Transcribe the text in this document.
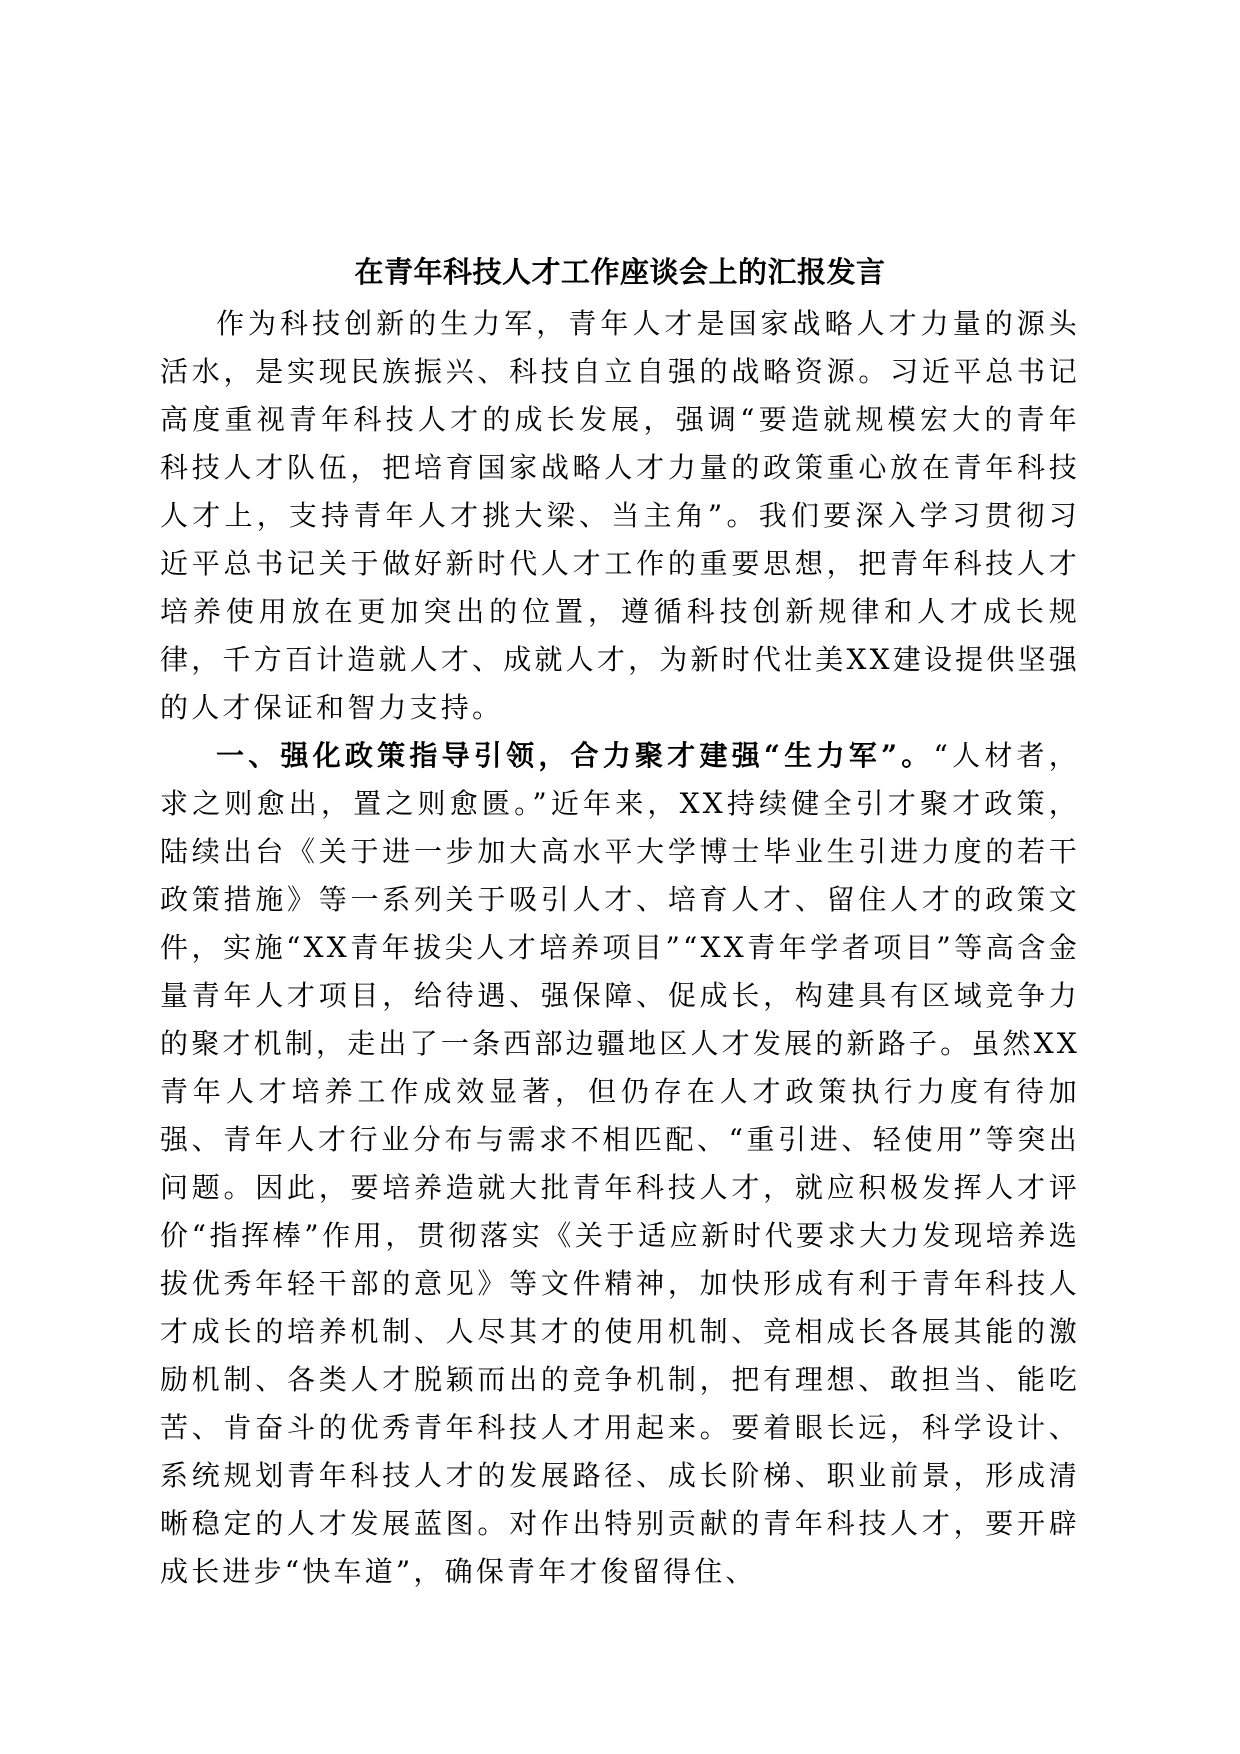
在青年科技人才工作座谈会上的汇报发言

作为科技创新的生力军，青年人才是国家战略人才力量的源头活水，是实现民族振兴、科技自立自强的战略资源。习近平总书记高度重视青年科技人才的成长发展，强调“要造就规模宏大的青年科技人才队伍，把培育国家战略人才力量的政策重心放在青年科技人才上，支持青年人才挑大梁、当主角”。我们要深入学习贯彻习近平总书记关于做好新时代人才工作的重要思想，把青年科技人才培养使用放在更加突出的位置，遵循科技创新规律和人才成长规律，千方百计造就人才、成就人才，为新时代壮美XX建设提供坚强的人才保证和智力支持。

一、强化政策指导引领，合力聚才建强“生力军”。“人材者，求之则愈出，置之则愈匮。”近年来，XX持续健全引才聚才政策，陆续出台《关于进一步加大高水平大学博士毕业生引进力度的若干政策措施》等一系列关于吸引人才、培育人才、留住人才的政策文件，实施“XX青年拔尖人才培养项目”“XX青年学者项目”等高含金量青年人才项目，给待遇、强保障、促成长，构建具有区域竞争力的聚才机制，走出了一条西部边疆地区人才发展的新路子。虽然XX青年人才培养工作成效显著，但仍存在人才政策执行力度有待加强、青年人才行业分布与需求不相匹配、“重引进、轻使用”等突出问题。因此，要培养造就大批青年科技人才，就应积极发挥人才评价“指挥棒”作用，贯彻落实《关于适应新时代要求大力发现培养选拔优秀年轻干部的意见》等文件精神，加快形成有利于青年科技人才成长的培养机制、人尽其才的使用机制、竞相成长各展其能的激励机制、各类人才脱颖而出的竞争机制，把有理想、敢担当、能吃苦、肯奋斗的优秀青年科技人才用起来。要着眼长远，科学设计、系统规划青年科技人才的发展路径、成长阶梯、职业前景，形成清晰稳定的人才发展蓝图。对作出特别贡献的青年科技人才，要开辟成长进步“快车道”，确保青年才俊留得住、
